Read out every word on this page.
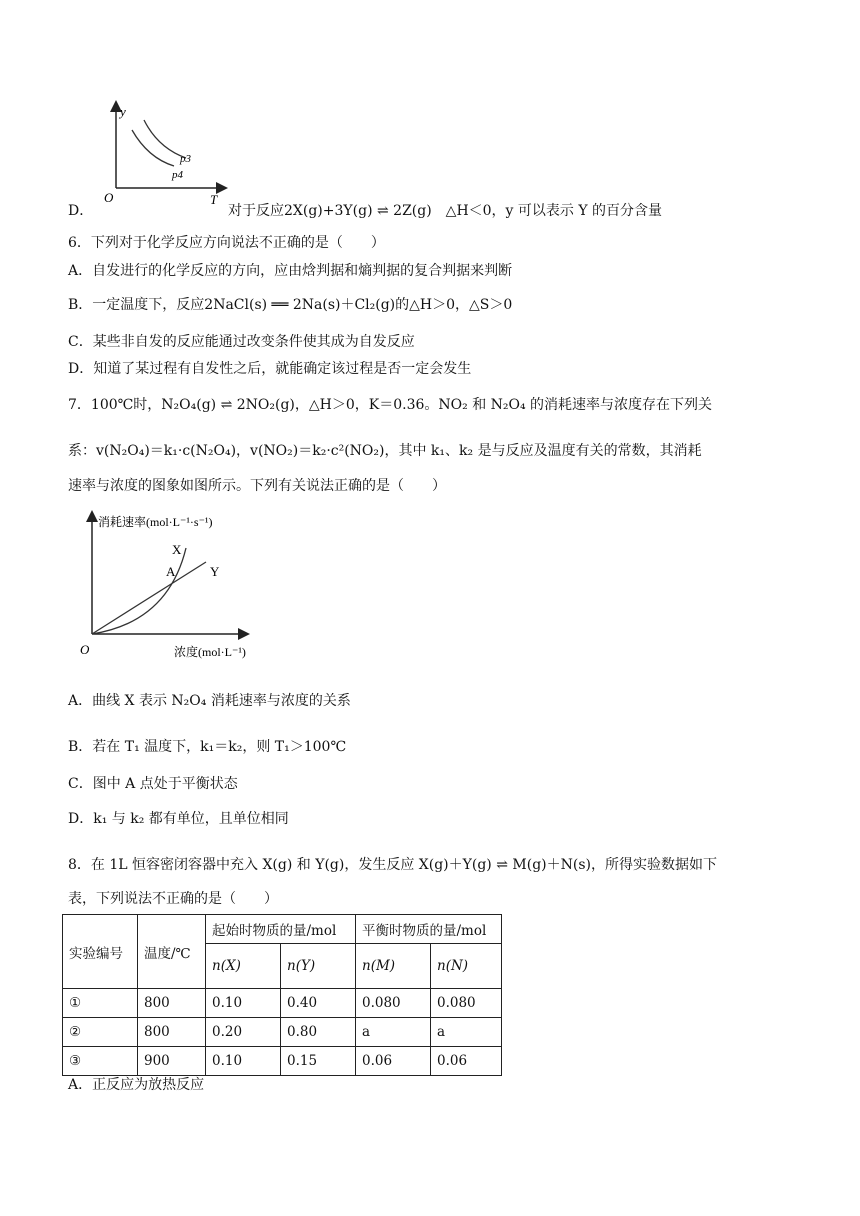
y
T
O
p3
p4
D．	对于反应2X(g)+3Y(g) ⇌ 2Z(g)　△H＜0，y 可以表示 Y 的百分含量
6．下列对于化学反应方向说法不正确的是（　　）
A．自发进行的化学反应的方向，应由焓判据和熵判据的复合判据来判断
B．一定温度下，反应2NaCl(s) ══ 2Na(s)＋Cl₂(g)的△H＞0，△S＞0
C．某些非自发的反应能通过改变条件使其成为自发反应
D．知道了某过程有自发性之后，就能确定该过程是否一定会发生
7．100℃时，N₂O₄(g) ⇌ 2NO₂(g)，△H＞0，K＝0.36。NO₂ 和 N₂O₄ 的消耗速率与浓度存在下列关
系：v(N₂O₄)＝k₁·c(N₂O₄)，v(NO₂)＝k₂·c²(NO₂)，其中 k₁、k₂ 是与反应及温度有关的常数，其消耗
速率与浓度的图象如图所示。下列有关说法正确的是（　　）
消耗速率(mol·L⁻¹·s⁻¹)
浓度(mol·L⁻¹)
O
X
Y
A
A．曲线 X 表示 N₂O₄ 消耗速率与浓度的关系
B．若在 T₁ 温度下，k₁＝k₂，则 T₁＞100℃
C．图中 A 点处于平衡状态
D．k₁ 与 k₂ 都有单位，且单位相同
8．在 1L 恒容密闭容器中充入 X(g) 和 Y(g)，发生反应 X(g)＋Y(g) ⇌ M(g)＋N(s)，所得实验数据如下
表，下列说法不正确的是（　　）
实验编号	温度/℃	起始时物质的量/mol		平衡时物质的量/mol	
		n(X)	n(Y)	n(M)	n(N)
①	800	0.10	0.40	0.080	0.080
②	800	0.20	0.80	a	a
③	900	0.10	0.15	0.06	0.06
A．正反应为放热反应
